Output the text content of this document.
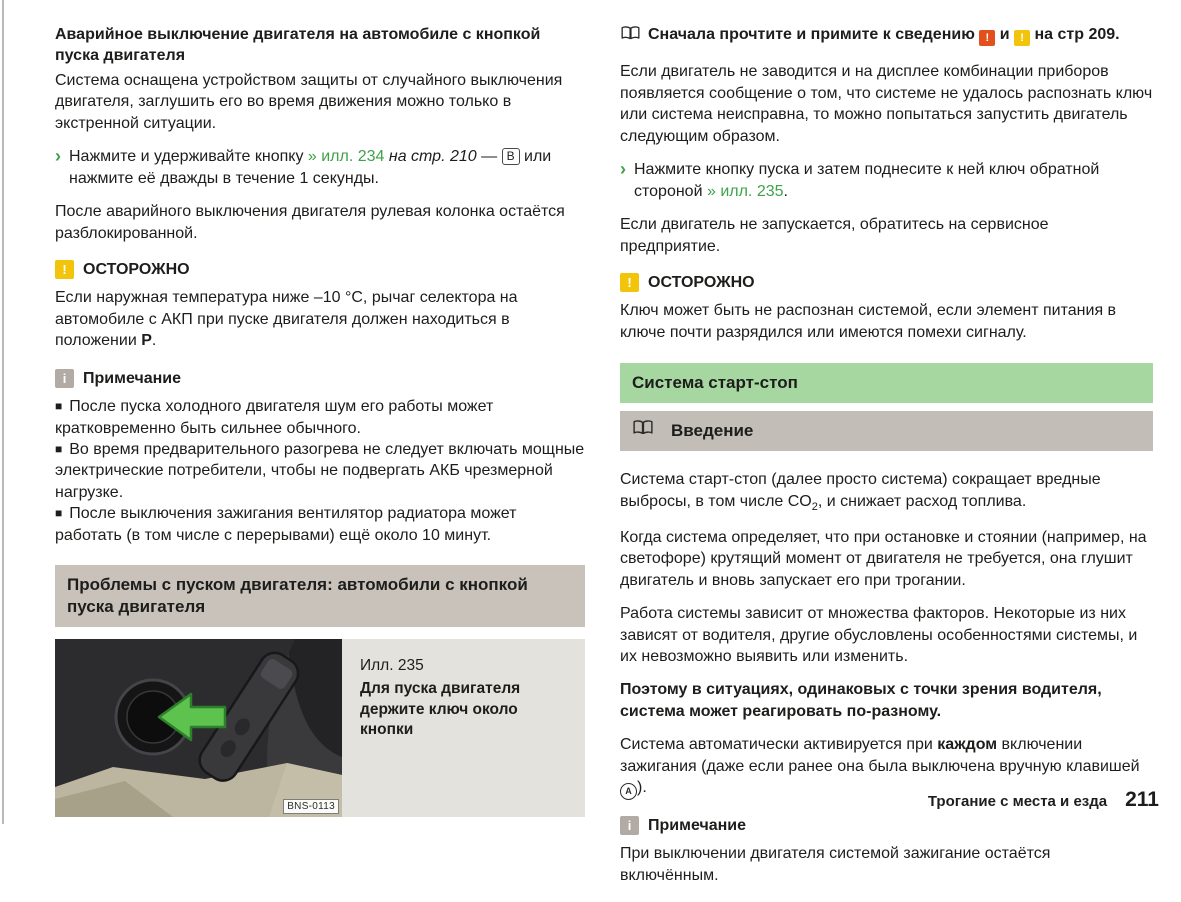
Аварийное выключение двигателя на автомобиле с кнопкой пуска двигателя

Система оснащена устройством защиты от случайного выключения двигателя, заглушить его во время движения можно только в экстренной ситуации.

› Нажмите и удерживайте кнопку » илл. 234 на стр. 210 — B или нажмите её дважды в течение 1 секунды.

После аварийного выключения двигателя рулевая колонка остаётся разблокированной.

!	ОСТОРОЖНО
Если наружная температура ниже –10 °C, рычаг селектора на автомобиле с АКП при пуске двигателя должен находиться в положении P.
i	Примечание
■ После пуска холодного двигателя шум его работы может кратковременно быть сильнее обычного.
■ Во время предварительного разогрева не следует включать мощные электрические потребители, чтобы не подвергать АКБ чрезмерной нагрузке.
■ После выключения зажигания вентилятор радиатора может работать (в том числе с перерывами) ещё около 10 минут.
Проблемы с пуском двигателя: автомобили с кнопкой пуска двигателя
BNS-0113
Илл. 235
Для пуска двигателя держите ключ около кнопки
Сначала прочтите и примите к сведению ! и ! на стр 209.

Если двигатель не заводится и на дисплее комбинации приборов появляется сообщение о том, что системе не удалось распознать ключ или система неисправна, то можно попытаться запустить двигатель следующим образом.

› Нажмите кнопку пуска и затем поднесите к ней ключ обратной стороной » илл. 235.

Если двигатель не запускается, обратитесь на сервисное предприятие.

!	ОСТОРОЖНО
Ключ может быть не распознан системой, если элемент питания в ключе почти разрядился или имеются помехи сигналу.
Система старт-стоп
Введение

Система старт-стоп (далее просто система) сокращает вредные выбросы, в том числе $CO_2$, и снижает расход топлива.

Когда система определяет, что при остановке и стоянии (например, на светофоре) крутящий момент от двигателя не требуется, она глушит двигатель и вновь запускает его при трогании.

Работа системы зависит от множества факторов. Некоторые из них зависят от водителя, другие обусловлены особенностями системы, и их невозможно выявить или изменить.

Поэтому в ситуациях, одинаковых с точки зрения водителя, система может реагировать по-разному.

Система автоматически активируется при каждом включении зажигания (даже если ранее она была выключена вручную клавишей A ).

i	Примечание
При выключении двигателя системой зажигание остаётся включённым.
Трогание с места и езда 211
